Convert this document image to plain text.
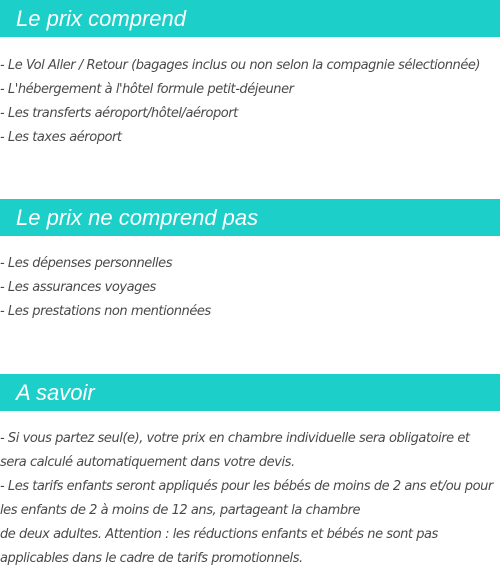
Le prix comprend
- Le Vol Aller / Retour (bagages inclus ou non selon la compagnie sélectionnée)
- L'hébergement à l'hôtel formule petit-déjeuner
- Les transferts aéroport/hôtel/aéroport
- Les taxes aéroport
Le prix ne comprend pas
- Les dépenses personnelles
- Les assurances voyages
- Les prestations non mentionnées
A savoir
- Si vous partez seul(e), votre prix en chambre individuelle sera obligatoire et
sera calculé automatiquement dans votre devis.
- Les tarifs enfants seront appliqués pour les bébés de moins de 2 ans et/ou pour
les enfants de 2 à moins de 12 ans, partageant la chambre
de deux adultes. Attention : les réductions enfants et bébés ne sont pas
applicables dans le cadre de tarifs promotionnels.
